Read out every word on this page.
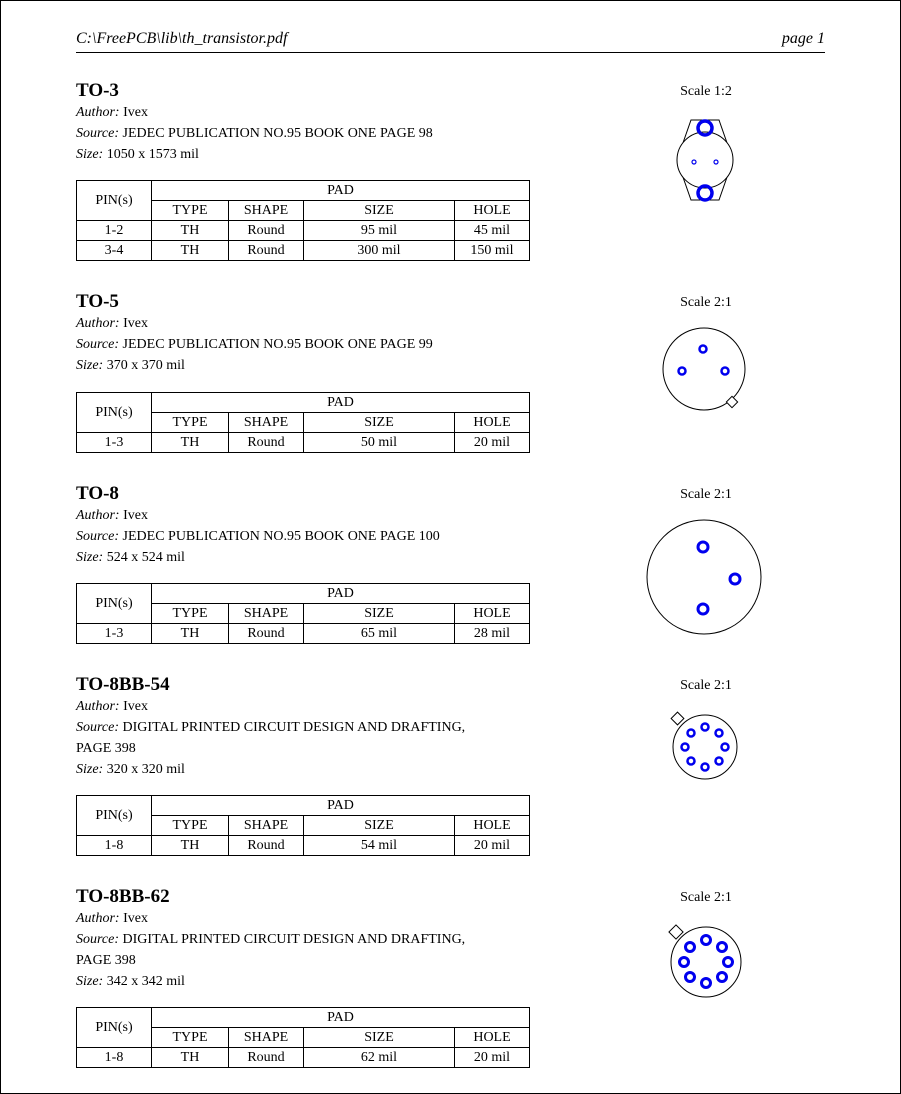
C:\FreePCB\lib\th_transistor.pdf	page 1
TO-3
Author: Ivex
Source: JEDEC PUBLICATION NO.95 BOOK ONE PAGE 98
Size: 1050 x 1573 mil
PIN(s)	PAD			
	TYPE	SHAPE	SIZE	HOLE
1-2	TH	Round	95 mil	45 mil
3-4	TH	Round	300 mil	150 mil
Scale 1:2
TO-5
Author: Ivex
Source: JEDEC PUBLICATION NO.95 BOOK ONE PAGE 99
Size: 370 x 370 mil
PIN(s)	PAD			
	TYPE	SHAPE	SIZE	HOLE
1-3	TH	Round	50 mil	20 mil
Scale 2:1
TO-8
Author: Ivex
Source: JEDEC PUBLICATION NO.95 BOOK ONE PAGE 100
Size: 524 x 524 mil
PIN(s)	PAD			
	TYPE	SHAPE	SIZE	HOLE
1-3	TH	Round	65 mil	28 mil
Scale 2:1
TO-8BB-54
Author: Ivex
Source: DIGITAL PRINTED CIRCUIT DESIGN AND DRAFTING,
PAGE 398
Size: 320 x 320 mil
PIN(s)	PAD			
	TYPE	SHAPE	SIZE	HOLE
1-8	TH	Round	54 mil	20 mil
Scale 2:1
TO-8BB-62
Author: Ivex
Source: DIGITAL PRINTED CIRCUIT DESIGN AND DRAFTING,
PAGE 398
Size: 342 x 342 mil
PIN(s)	PAD			
	TYPE	SHAPE	SIZE	HOLE
1-8	TH	Round	62 mil	20 mil
Scale 2:1
